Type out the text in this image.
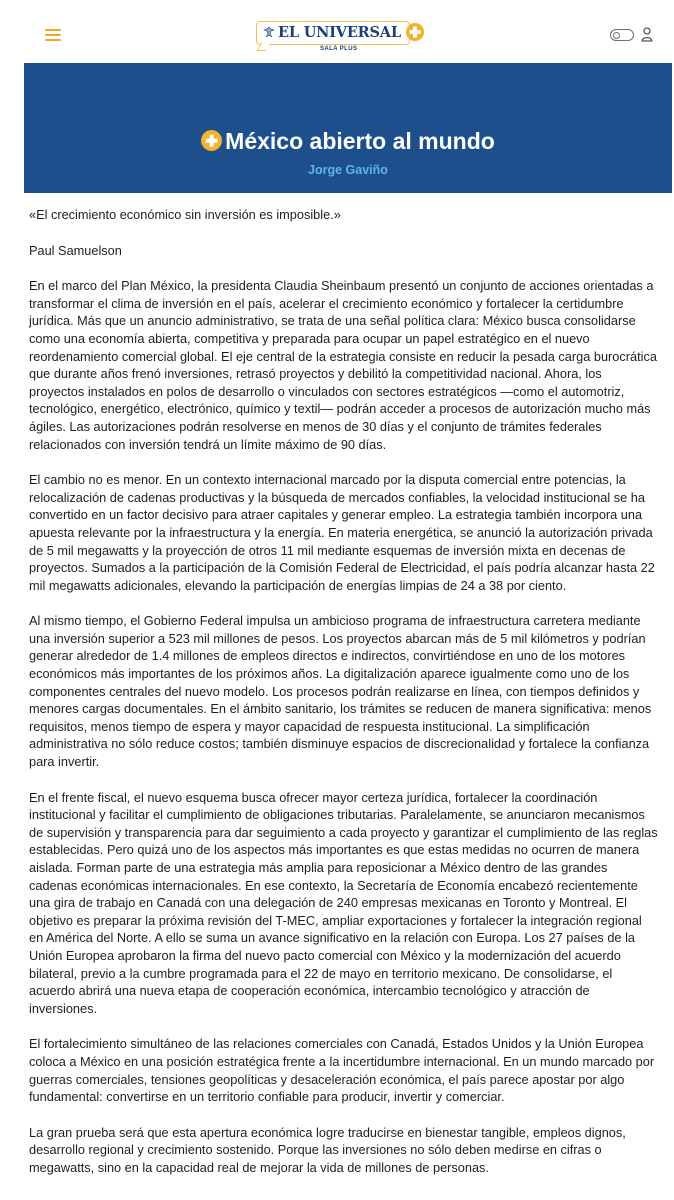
EL UNIVERSAL
SALA PLUS
México abierto al mundo
Jorge Gaviño

«El crecimiento económico sin inversión es imposible.»

Paul Samuelson

En el marco del Plan México, la presidenta Claudia Sheinbaum presentó un conjunto de acciones orientadas a transformar el clima de inversión en el país, acelerar el crecimiento económico y fortalecer la certidumbre jurídica. Más que un anuncio administrativo, se trata de una señal política clara: México busca consolidarse como una economía abierta, competitiva y preparada para ocupar un papel estratégico en el nuevo reordenamiento comercial global. El eje central de la estrategia consiste en reducir la pesada carga burocrática que durante años frenó inversiones, retrasó proyectos y debilitó la competitividad nacional. Ahora, los proyectos instalados en polos de desarrollo o vinculados con sectores estratégicos —como el automotriz, tecnológico, energético, electrónico, químico y textil— podrán acceder a procesos de autorización mucho más ágiles. Las autorizaciones podrán resolverse en menos de 30 días y el conjunto de trámites federales relacionados con inversión tendrá un límite máximo de 90 días.

El cambio no es menor. En un contexto internacional marcado por la disputa comercial entre potencias, la relocalización de cadenas productivas y la búsqueda de mercados confiables, la velocidad institucional se ha convertido en un factor decisivo para atraer capitales y generar empleo. La estrategia también incorpora una apuesta relevante por la infraestructura y la energía. En materia energética, se anunció la autorización privada de 5 mil megawatts y la proyección de otros 11 mil mediante esquemas de inversión mixta en decenas de proyectos. Sumados a la participación de la Comisión Federal de Electricidad, el país podría alcanzar hasta 22 mil megawatts adicionales, elevando la participación de energías limpias de 24 a 38 por ciento.

Al mismo tiempo, el Gobierno Federal impulsa un ambicioso programa de infraestructura carretera mediante una inversión superior a 523 mil millones de pesos. Los proyectos abarcan más de 5 mil kilómetros y podrían generar alrededor de 1.4 millones de empleos directos e indirectos, convirtiéndose en uno de los motores económicos más importantes de los próximos años. La digitalización aparece igualmente como uno de los componentes centrales del nuevo modelo. Los procesos podrán realizarse en línea, con tiempos definidos y menores cargas documentales. En el ámbito sanitario, los trámites se reducen de manera significativa: menos requisitos, menos tiempo de espera y mayor capacidad de respuesta institucional. La simplificación administrativa no sólo reduce costos; también disminuye espacios de discrecionalidad y fortalece la confianza para invertir.

En el frente fiscal, el nuevo esquema busca ofrecer mayor certeza jurídica, fortalecer la coordinación institucional y facilitar el cumplimiento de obligaciones tributarias. Paralelamente, se anunciaron mecanismos de supervisión y transparencia para dar seguimiento a cada proyecto y garantizar el cumplimiento de las reglas establecidas. Pero quizá uno de los aspectos más importantes es que estas medidas no ocurren de manera aislada. Forman parte de una estrategia más amplia para reposicionar a México dentro de las grandes cadenas económicas internacionales. En ese contexto, la Secretaría de Economía encabezó recientemente una gira de trabajo en Canadá con una delegación de 240 empresas mexicanas en Toronto y Montreal. El objetivo es preparar la próxima revisión del T-MEC, ampliar exportaciones y fortalecer la integración regional en América del Norte. A ello se suma un avance significativo en la relación con Europa. Los 27 países de la Unión Europea aprobaron la firma del nuevo pacto comercial con México y la modernización del acuerdo bilateral, previo a la cumbre programada para el 22 de mayo en territorio mexicano. De consolidarse, el acuerdo abrirá una nueva etapa de cooperación económica, intercambio tecnológico y atracción de inversiones.

El fortalecimiento simultáneo de las relaciones comerciales con Canadá, Estados Unidos y la Unión Europea coloca a México en una posición estratégica frente a la incertidumbre internacional. En un mundo marcado por guerras comerciales, tensiones geopolíticas y desaceleración económica, el país parece apostar por algo fundamental: convertirse en un territorio confiable para producir, invertir y comerciar.

La gran prueba será que esta apertura económica logre traducirse en bienestar tangible, empleos dignos, desarrollo regional y crecimiento sostenido. Porque las inversiones no sólo deben medirse en cifras o megawatts, sino en la capacidad real de mejorar la vida de millones de personas.
